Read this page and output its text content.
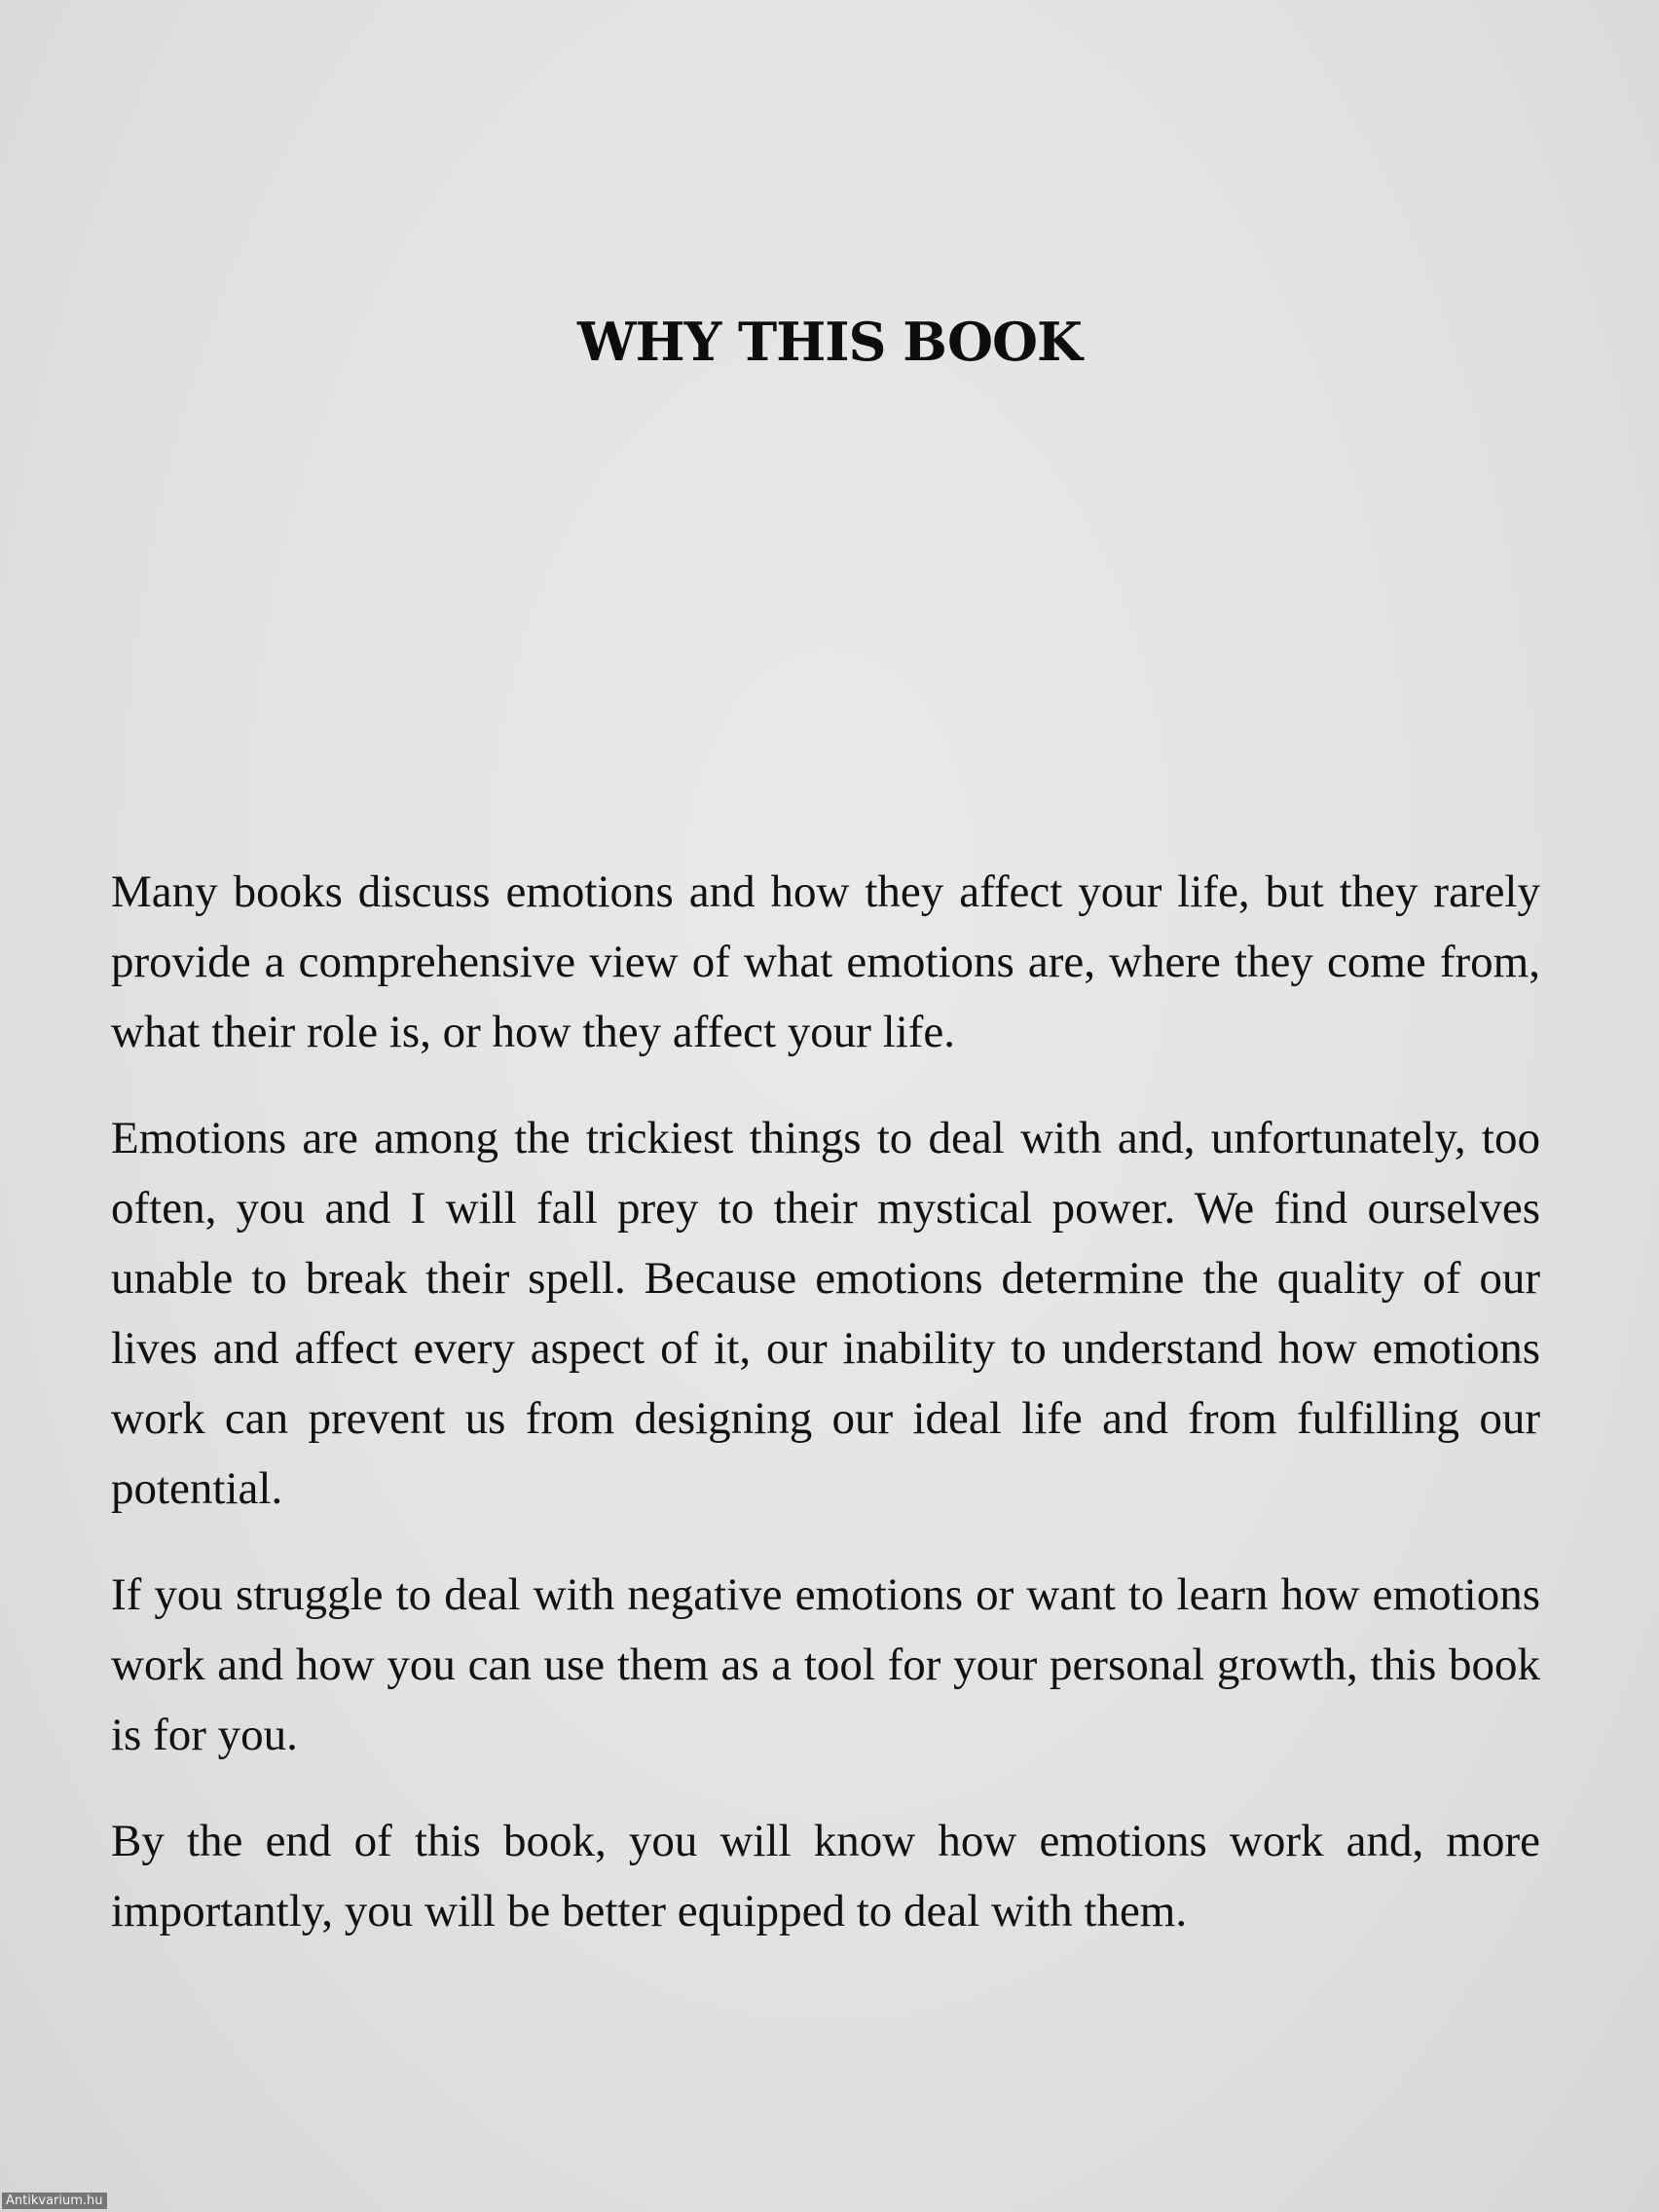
WHY THIS BOOK

Many books discuss emotions and how they affect your life, but they rarely provide a comprehensive view of what emotions are, where they come from, what their role is, or how they affect your life.

Emotions are among the trickiest things to deal with and, unfortunately, too often, you and I will fall prey to their mystical power. We find ourselves unable to break their spell. Because emotions determine the quality of our lives and affect every aspect of it, our inability to understand how emotions work can prevent us from designing our ideal life and from fulfilling our potential.

If you struggle to deal with negative emotions or want to learn how emotions work and how you can use them as a tool for your personal growth, this book is for you.

By the end of this book, you will know how emotions work and, more importantly, you will be better equipped to deal with them.

Antikvarium.hu
